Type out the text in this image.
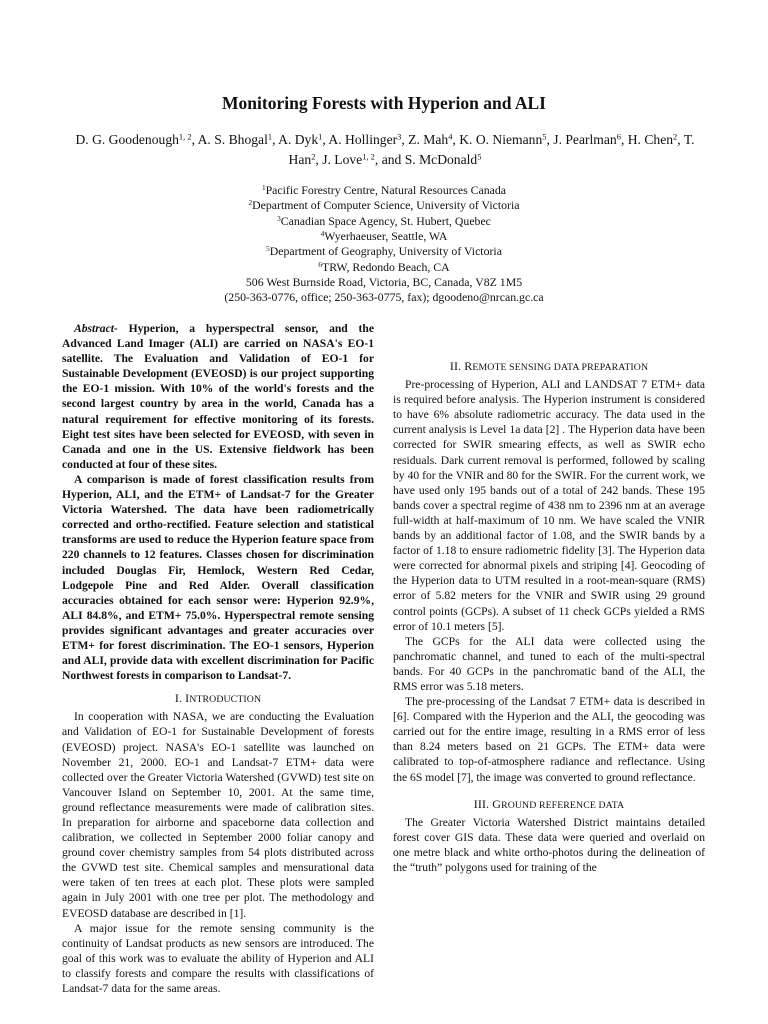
Monitoring Forests with Hyperion and ALI
D. G. Goodenough$^{1, 2}$, A. S. Bhogal$^1$, A. Dyk$^1$, A. Hollinger$^3$, Z. Mah$^4$, K. O. Niemann$^5$, J. Pearlman$^6$, H. Chen$^2$, T. Han$^2$, J. Love$^{1, 2}$, and S. McDonald$^5$
$^1$Pacific Forestry Centre, Natural Resources Canada
$^2$Department of Computer Science, University of Victoria
$^3$Canadian Space Agency, St. Hubert, Quebec
$^4$Wyerhaeuser, Seattle, WA
$^5$Department of Geography, University of Victoria
$^6$TRW, Redondo Beach, CA
506 West Burnside Road, Victoria, BC, Canada, V8Z 1M5
(250-363-0776, office; 250-363-0775, fax); dgoodeno@nrcan.gc.ca

Abstract- Hyperion, a hyperspectral sensor, and the Advanced Land Imager (ALI) are carried on NASA's EO-1 satellite. The Evaluation and Validation of EO-1 for Sustainable Development (EVEOSD) is our project supporting the EO-1 mission. With 10% of the world's forests and the second largest country by area in the world, Canada has a natural requirement for effective monitoring of its forests. Eight test sites have been selected for EVEOSD, with seven in Canada and one in the US. Extensive fieldwork has been conducted at four of these sites.

A comparison is made of forest classification results from Hyperion, ALI, and the ETM+ of Landsat-7 for the Greater Victoria Watershed. The data have been radiometrically corrected and ortho-rectified. Feature selection and statistical transforms are used to reduce the Hyperion feature space from 220 channels to 12 features. Classes chosen for discrimination included Douglas Fir, Hemlock, Western Red Cedar, Lodgepole Pine and Red Alder. Overall classification accuracies obtained for each sensor were: Hyperion 92.9%, ALI 84.8%, and ETM+ 75.0%. Hyperspectral remote sensing provides significant advantages and greater accuracies over ETM+ for forest discrimination. The EO-1 sensors, Hyperion and ALI, provide data with excellent discrimination for Pacific Northwest forests in comparison to Landsat-7.

I. INTRODUCTION

In cooperation with NASA, we are conducting the Evaluation and Validation of EO-1 for Sustainable Development of forests (EVEOSD) project. NASA's EO-1 satellite was launched on November 21, 2000. EO-1 and Landsat-7 ETM+ data were collected over the Greater Victoria Watershed (GVWD) test site on Vancouver Island on September 10, 2001. At the same time, ground reflectance measurements were made of calibration sites. In preparation for airborne and spaceborne data collection and calibration, we collected in September 2000 foliar canopy and ground cover chemistry samples from 54 plots distributed across the GVWD test site. Chemical samples and mensurational data were taken of ten trees at each plot. These plots were sampled again in July 2001 with one tree per plot. The methodology and EVEOSD database are described in [1].

A major issue for the remote sensing community is the continuity of Landsat products as new sensors are introduced. The goal of this work was to evaluate the ability of Hyperion and ALI to classify forests and compare the results with classifications of Landsat-7 data for the same areas.

II. REMOTE SENSING DATA PREPARATION

Pre-processing of Hyperion, ALI and LANDSAT 7 ETM+ data is required before analysis. The Hyperion instrument is considered to have 6% absolute radiometric accuracy. The data used in the current analysis is Level 1a data [2] . The Hyperion data have been corrected for SWIR smearing effects, as well as SWIR echo residuals. Dark current removal is performed, followed by scaling by 40 for the VNIR and 80 for the SWIR. For the current work, we have used only 195 bands out of a total of 242 bands. These 195 bands cover a spectral regime of 438 nm to 2396 nm at an average full-width at half-maximum of 10 nm. We have scaled the VNIR bands by an additional factor of 1.08, and the SWIR bands by a factor of 1.18 to ensure radiometric fidelity [3]. The Hyperion data were corrected for abnormal pixels and striping [4]. Geocoding of the Hyperion data to UTM resulted in a root-mean-square (RMS) error of 5.82 meters for the VNIR and SWIR using 29 ground control points (GCPs). A subset of 11 check GCPs yielded a RMS error of 10.1 meters [5].

The GCPs for the ALI data were collected using the panchromatic channel, and tuned to each of the multi-spectral bands. For 40 GCPs in the panchromatic band of the ALI, the RMS error was 5.18 meters.

The pre-processing of the Landsat 7 ETM+ data is described in [6]. Compared with the Hyperion and the ALI, the geocoding was carried out for the entire image, resulting in a RMS error of less than 8.24 meters based on 21 GCPs. The ETM+ data were calibrated to top-of-atmosphere radiance and reflectance. Using the 6S model [7], the image was converted to ground reflectance.

III. GROUND REFERENCE DATA

The Greater Victoria Watershed District maintains detailed forest cover GIS data. These data were queried and overlaid on one metre black and white ortho-photos during the delineation of the “truth” polygons used for training of the
